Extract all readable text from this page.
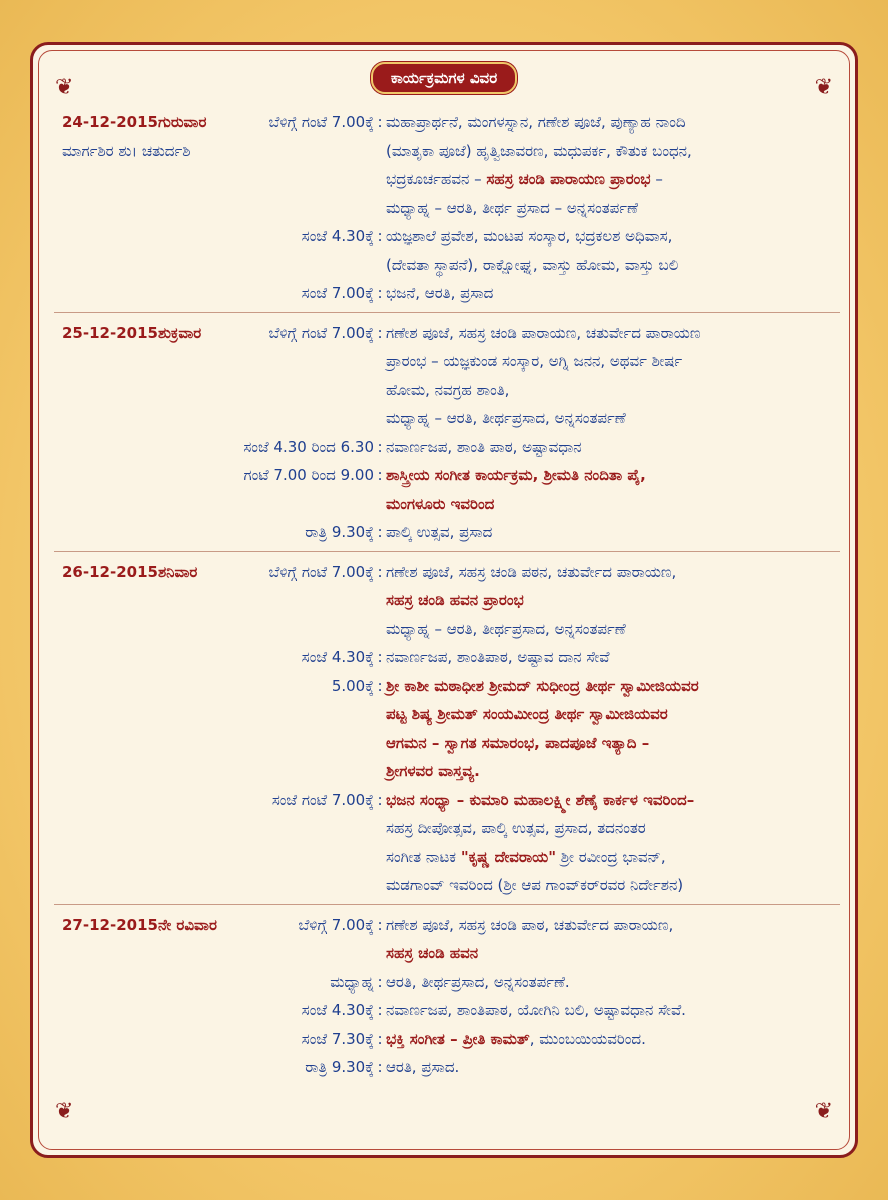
❦	❦
❦	❦
ಕಾರ್ಯಕ್ರಮಗಳ ವಿವರ
24-12-2015ಗುರುವಾರ	ಬೆಳಿಗ್ಗೆ ಗಂಟೆ 7.00ಕ್ಕೆ : ಮಹಾಪ್ರಾರ್ಥನೆ, ಮಂಗಳಸ್ನಾನ, ಗಣೇಶ ಪೂಜೆ, ಪುಣ್ಯಾಹ ನಾಂದಿ
ಮಾರ್ಗಶಿರ ಶು। ಚತುರ್ದಶಿ	(ಮಾತೃಕಾ ಪೂಜೆ) ಹೃತ್ವಿಜಾವರಣ, ಮಧುಪರ್ಕ, ಕೌತುಕ ಬಂಧನ,
ಭದ್ರಕೂರ್ಚಹವನ – ಸಹಸ್ರ ಚಂಡಿ ಪಾರಾಯಣ ಪ್ರಾರಂಭ –
ಮಧ್ಯಾಹ್ನ – ಆರತಿ, ತೀರ್ಥ ಪ್ರಸಾದ – ಅನ್ನಸಂತರ್ಪಣೆ
ಸಂಜೆ 4.30ಕ್ಕೆ : ಯಜ್ಞಶಾಲೆ ಪ್ರವೇಶ, ಮಂಟಪ ಸಂಸ್ಕಾರ, ಭದ್ರಕಲಶ ಅಧಿವಾಸ,
(ದೇವತಾ ಸ್ಥಾಪನೆ), ರಾಕ್ಷೋಘ್ನ, ವಾಸ್ತು ಹೋಮ, ವಾಸ್ತು ಬಲಿ
ಸಂಜೆ 7.00ಕ್ಕೆ : ಭಜನೆ, ಆರತಿ, ಪ್ರಸಾದ
25-12-2015ಶುಕ್ರವಾರ	ಬೆಳಿಗ್ಗೆ ಗಂಟೆ 7.00ಕ್ಕೆ : ಗಣೇಶ ಪೂಜೆ, ಸಹಸ್ರ ಚಂಡಿ ಪಾರಾಯಣ, ಚತುರ್ವೇದ ಪಾರಾಯಣ
ಪ್ರಾರಂಭ – ಯಜ್ಞಕುಂಡ ಸಂಸ್ಕಾರ, ಅಗ್ನಿ ಜನನ, ಅಥರ್ವ ಶೀರ್ಷ
ಹೋಮ, ನವಗ್ರಹ ಶಾಂತಿ,
ಮಧ್ಯಾಹ್ನ – ಆರತಿ, ತೀರ್ಥಪ್ರಸಾದ, ಅನ್ನಸಂತರ್ಪಣೆ
ಸಂಜೆ 4.30 ರಿಂದ 6.30 : ನವಾರ್ಣಜಪ, ಶಾಂತಿ ಪಾಠ, ಅಷ್ಟಾವಧಾನ
ಗಂಟೆ 7.00 ರಿಂದ 9.00 : ಶಾಸ್ತ್ರೀಯ ಸಂಗೀತ ಕಾರ್ಯಕ್ರಮ, ಶ್ರೀಮತಿ ನಂದಿತಾ ಪೈ,
ಮಂಗಳೂರು ಇವರಿಂದ
ರಾತ್ರಿ 9.30ಕ್ಕೆ : ಪಾಲ್ಕಿ ಉತ್ಸವ, ಪ್ರಸಾದ
26-12-2015ಶನಿವಾರ	ಬೆಳಿಗ್ಗೆ ಗಂಟೆ 7.00ಕ್ಕೆ : ಗಣೇಶ ಪೂಜೆ, ಸಹಸ್ರ ಚಂಡಿ ಪಠನ, ಚತುರ್ವೇದ ಪಾರಾಯಣ,
ಸಹಸ್ರ ಚಂಡಿ ಹವನ ಪ್ರಾರಂಭ
ಮಧ್ಯಾಹ್ನ – ಆರತಿ, ತೀರ್ಥಪ್ರಸಾದ, ಅನ್ನಸಂತರ್ಪಣೆ
ಸಂಜೆ 4.30ಕ್ಕೆ : ನವಾರ್ಣಜಪ, ಶಾಂತಿಪಾಠ, ಅಷ್ಟಾವ ದಾನ ಸೇವೆ
5.00ಕ್ಕೆ : ಶ್ರೀ ಕಾಶೀ ಮಠಾಧೀಶ ಶ್ರೀಮದ್ ಸುಧೀಂದ್ರ ತೀರ್ಥ ಸ್ವಾಮೀಜಿಯವರ
ಪಟ್ಟ ಶಿಷ್ಯ ಶ್ರೀಮತ್ ಸಂಯಮೀಂದ್ರ ತೀರ್ಥ ಸ್ವಾಮೀಜಿಯವರ
ಆಗಮನ – ಸ್ವಾಗತ ಸಮಾರಂಭ, ಪಾದಪೂಜೆ ಇತ್ಯಾದಿ –
ಶ್ರೀಗಳವರ ವಾಸ್ತವ್ಯ.
ಸಂಜೆ ಗಂಟೆ 7.00ಕ್ಕೆ : ಭಜನ ಸಂಧ್ಯಾ – ಕುಮಾರಿ ಮಹಾಲಕ್ಷ್ಮೀ ಶೆಣೈ ಕಾರ್ಕಳ ಇವರಿಂದ–
ಸಹಸ್ರ ದೀಪೋತ್ಸವ, ಪಾಲ್ಕಿ ಉತ್ಸವ, ಪ್ರಸಾದ, ತದನಂತರ
ಸಂಗೀತ ನಾಟಕ "ಕೃಷ್ಣ ದೇವರಾಯ" ಶ್ರೀ ರವೀಂದ್ರ ಭಾವನ್,
ಮಡಗಾಂವ್ ಇವರಿಂದ (ಶ್ರೀ ಆಪ ಗಾಂವ್‌ಕರ್‌ರವರ ನಿರ್ದೇಶನ)
27-12-2015ನೇ ರವಿವಾರ	ಬೆಳಿಗ್ಗೆ 7.00ಕ್ಕೆ : ಗಣೇಶ ಪೂಜೆ, ಸಹಸ್ರ ಚಂಡಿ ಪಾಠ, ಚತುರ್ವೇದ ಪಾರಾಯಣ,
ಸಹಸ್ರ ಚಂಡಿ ಹವನ
ಮಧ್ಯಾಹ್ನ : ಆರತಿ, ತೀರ್ಥಪ್ರಸಾದ, ಅನ್ನಸಂತರ್ಪಣೆ.
ಸಂಜೆ 4.30ಕ್ಕೆ : ನವಾರ್ಣಜಪ, ಶಾಂತಿಪಾಠ, ಯೋಗಿನಿ ಬಲಿ, ಅಷ್ಟಾವಧಾನ ಸೇವೆ.
ಸಂಜೆ 7.30ಕ್ಕೆ : ಭಕ್ತಿ ಸಂಗೀತ – ಪ್ರೀತಿ ಕಾಮತ್, ಮುಂಬಯಿಯವರಿಂದ.
ರಾತ್ರಿ 9.30ಕ್ಕೆ : ಆರತಿ, ಪ್ರಸಾದ.
